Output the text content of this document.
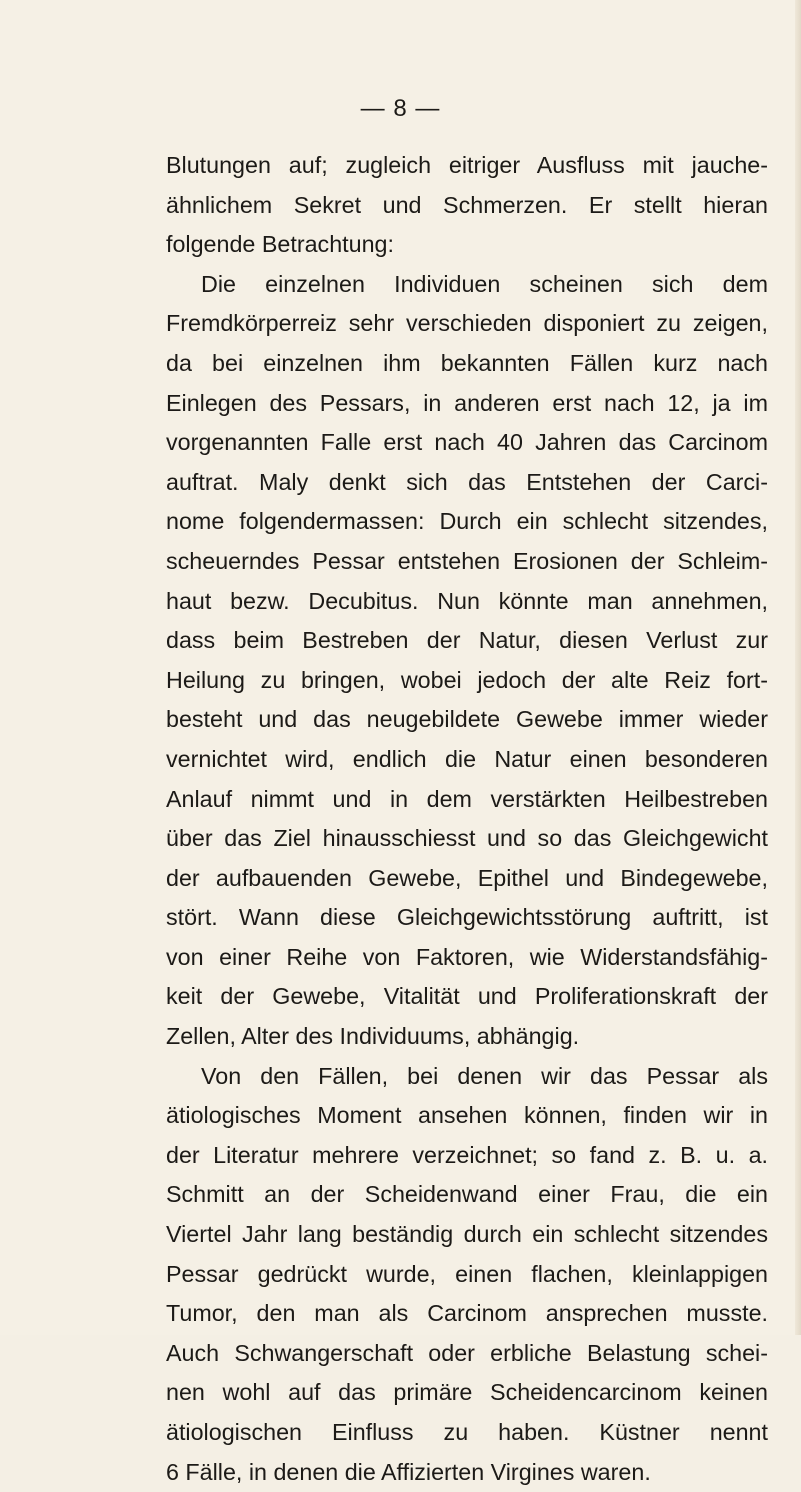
— 8 —
Blutungen auf; zugleich eitriger Ausfluss mit jauche-
ähnlichem Sekret und Schmerzen. Er stellt hieran
folgende Betrachtung:
Die einzelnen Individuen scheinen sich dem
Fremdkörperreiz sehr verschieden disponiert zu zeigen,
da bei einzelnen ihm bekannten Fällen kurz nach
Einlegen des Pessars, in anderen erst nach 12, ja im
vorgenannten Falle erst nach 40 Jahren das Carcinom
auftrat. Maly denkt sich das Entstehen der Carci-
nome folgendermassen: Durch ein schlecht sitzendes,
scheuerndes Pessar entstehen Erosionen der Schleim-
haut bezw. Decubitus. Nun könnte man annehmen,
dass beim Bestreben der Natur, diesen Verlust zur
Heilung zu bringen, wobei jedoch der alte Reiz fort-
besteht und das neugebildete Gewebe immer wieder
vernichtet wird, endlich die Natur einen besonderen
Anlauf nimmt und in dem verstärkten Heilbestreben
über das Ziel hinausschiesst und so das Gleichgewicht
der aufbauenden Gewebe, Epithel und Bindegewebe,
stört. Wann diese Gleichgewichtsstörung auftritt, ist
von einer Reihe von Faktoren, wie Widerstandsfähig-
keit der Gewebe, Vitalität und Proliferationskraft der
Zellen, Alter des Individuums, abhängig.
Von den Fällen, bei denen wir das Pessar als
ätiologisches Moment ansehen können, finden wir in
der Literatur mehrere verzeichnet; so fand z. B. u. a.
Schmitt an der Scheidenwand einer Frau, die ein
Viertel Jahr lang beständig durch ein schlecht sitzendes
Pessar gedrückt wurde, einen flachen, kleinlappigen
Tumor, den man als Carcinom ansprechen musste.
Auch Schwangerschaft oder erbliche Belastung schei-
nen wohl auf das primäre Scheidencarcinom keinen
ätiologischen Einfluss zu haben. Küstner nennt
6 Fälle, in denen die Affizierten Virgines waren.
